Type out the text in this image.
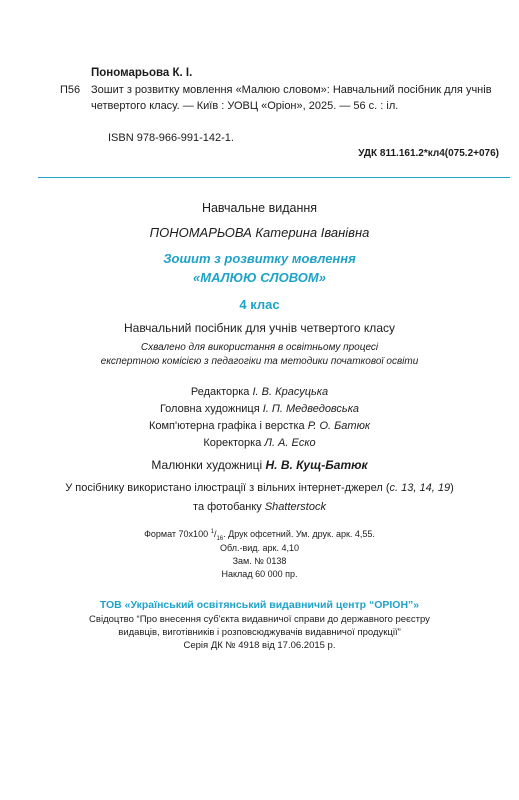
Пономарьова К. І.
П56 Зошит з розвитку мовлення «Малюю словом»: Навчальний посібник для учнів четвертого класу. — Київ : УОВЦ «Оріон», 2025. — 56 с. : іл.
ISBN 978-966-991-142-1.
УДК 811.161.2*кл4(075.2+076)
Навчальне видання
ПОНОМАРЬОВА Катерина Іванівна
Зошит з розвитку мовлення
«МАЛЮЮ СЛОВОМ»
4 клас
Навчальний посібник для учнів четвертого класу
Схвалено для використання в освітньому процесі
експертною комісією з педагогіки та методики початкової освіти
Редакторка І. В. Красуцька
Головна художниця І. П. Медведовська
Комп'ютерна графіка і верстка Р. О. Батюк
Коректорка Л. А. Еско
Малюнки художниці Н. В. Кущ-Батюк
У посібнику використано ілюстрації з вільних інтернет-джерел (с. 13, 14, 19)
та фотобанку Shatterstock
Формат 70x100 $^1/_{16}$. Друк офсетний. Ум. друк. арк. 4,55.
Обл.-вид. арк. 4,10
Зам. № 0138
Наклад 60 000 пр.
ТОВ «Український освітянський видавничий центр “ОРІОН”»
Свідоцтво “Про внесення суб'єкта видавничої справи до державного реєстру
видавців, виготівників і розповсюджувачів видавничої продукції”
Серія ДК № 4918 від 17.06.2015 р.
